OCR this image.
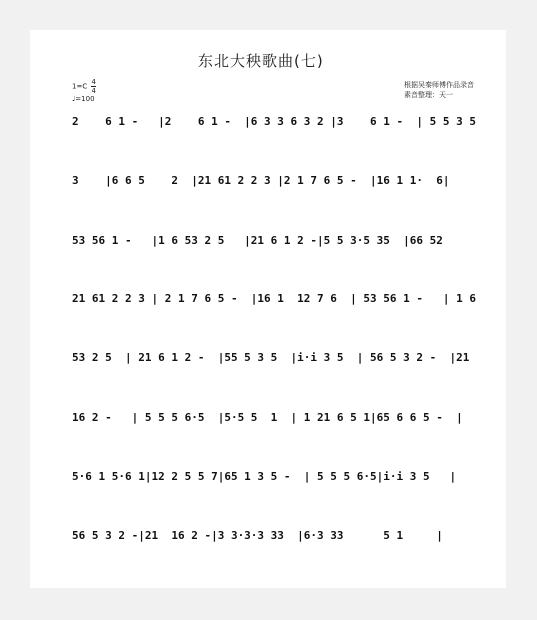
东北大秧歌曲(七)
$1=C \frac{4}{4}$
♩=100
根据吴秦师傅作品录音
素音整理：天一
2    6 1 -   |2    6 1 -  |6 3 3 6 3 2 |3    6 1 -  | 5 5 3 5
3    |6 6 5    2  |21 61 2 2 3 |2 1 7 6 5 -  |16 1 1·  6|
53 56 1 -   |1 6 53 2 5   |21 6 1 2 -|5 5 3·5 35  |66 52
21 61 2 2 3 | 2 1 7 6 5 -  |16 1  12 7 6  | 53 56 1 -   | 1 6
53 2 5  | 21 6 1 2 -  |55 5 3 5  |i·i 3 5  | 56 5 3 2 -  |21
16 2 -   | 5 5 5 6·5  |5·5 5  1  | 1 21 6 5 1|65 6 6 5 -  |
5·6 1 5·6 1|12 2 5 5 7|65 1 3 5 -  | 5 5 5 6·5|i·i 3 5   |
56 5 3 2 -|21  16 2 -|3 3·3·3 33  |6·3 33      5 1     |
